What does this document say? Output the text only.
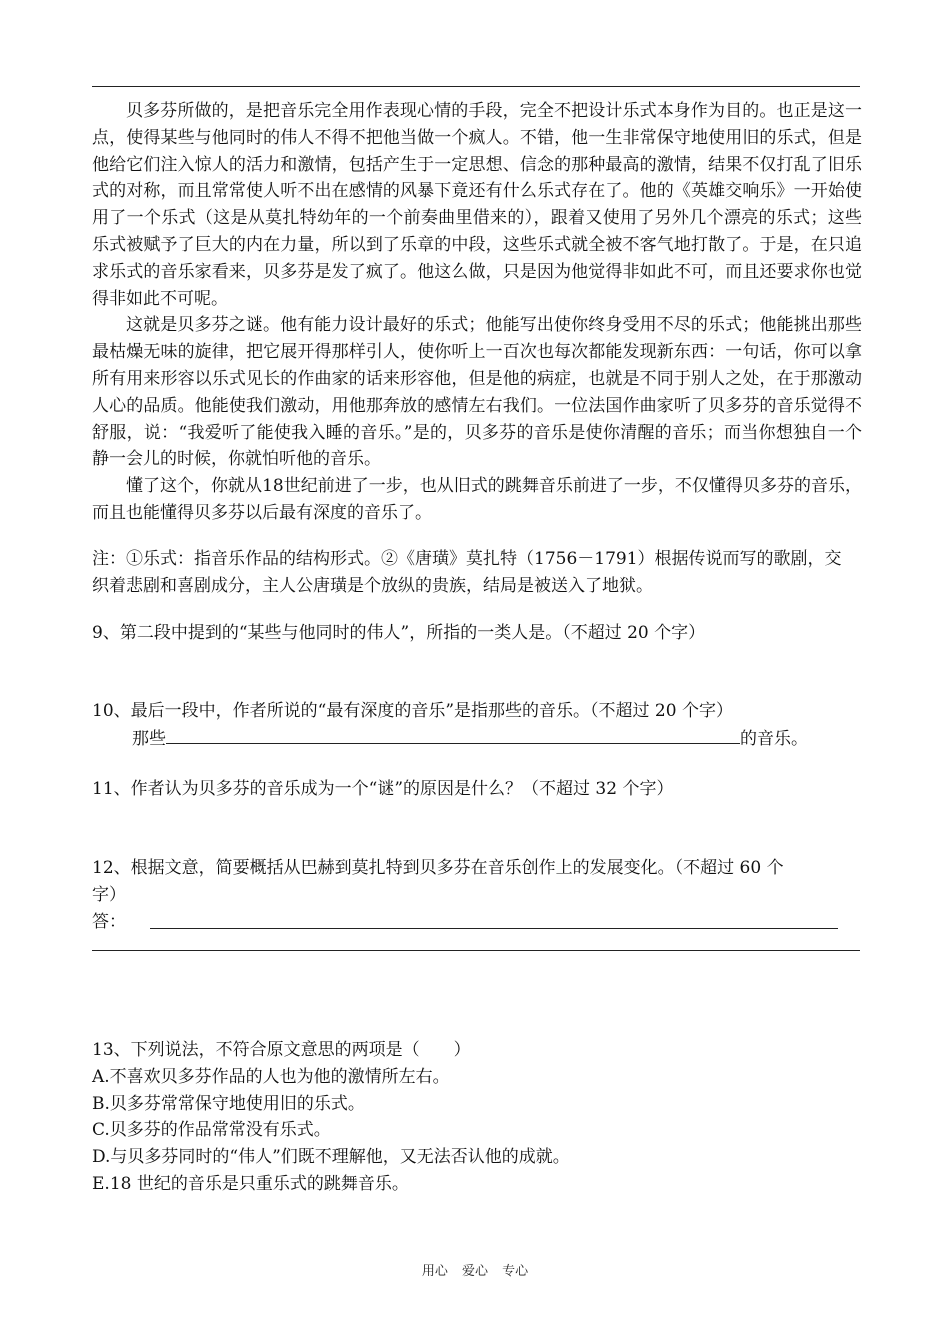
贝多芬所做的，是把音乐完全用作表现心情的手段，完全不把设计乐式本身作为目的。也正是这一点，使得某些与他同时的伟人不得不把他当做一个疯人。不错，他一生非常保守地使用旧的乐式，但是他给它们注入惊人的活力和激情，包括产生于一定思想、信念的那种最高的激情，结果不仅打乱了旧乐式的对称，而且常常使人听不出在感情的风暴下竟还有什么乐式存在了。他的《英雄交响乐》一开始使用了一个乐式（这是从莫扎特幼年的一个前奏曲里借来的），跟着又使用了另外几个漂亮的乐式；这些乐式被赋予了巨大的内在力量，所以到了乐章的中段，这些乐式就全被不客气地打散了。于是，在只追求乐式的音乐家看来，贝多芬是发了疯了。他这么做，只是因为他觉得非如此不可，而且还要求你也觉得非如此不可呢。

这就是贝多芬之谜。他有能力设计最好的乐式；他能写出使你终身受用不尽的乐式；他能挑出那些最枯燥无味的旋律，把它展开得那样引人，使你听上一百次也每次都能发现新东西：一句话，你可以拿所有用来形容以乐式见长的作曲家的话来形容他，但是他的病症，也就是不同于别人之处，在于那激动人心的品质。他能使我们激动，用他那奔放的感情左右我们。一位法国作曲家听了贝多芬的音乐觉得不舒服，说：“我爱听了能使我入睡的音乐。”是的，贝多芬的音乐是使你清醒的音乐；而当你想独自一个静一会儿的时候，你就怕听他的音乐。

懂了这个，你就从18世纪前进了一步，也从旧式的跳舞音乐前进了一步，不仅懂得贝多芬的音乐，而且也能懂得贝多芬以后最有深度的音乐了。

注：①乐式：指音乐作品的结构形式。②《唐璜》莫扎特（1756－1791）根据传说而写的歌剧，交

织着悲剧和喜剧成分，主人公唐璜是个放纵的贵族，结局是被送入了地狱。

9、第二段中提到的“某些与他同时的伟人”，所指的一类人是。（不超过 20 个字）

10、最后一段中，作者所说的“最有深度的音乐”是指那些的音乐。（不超过 20 个字）

那些	的音乐。

11、作者认为贝多芬的音乐成为一个“谜”的原因是什么？（不超过 32 个字）

12、根据文意，简要概括从巴赫到莫扎特到贝多芬在音乐创作上的发展变化。（不超过 60 个

字）

答：

13、下列说法，不符合原文意思的两项是（　　）

A.不喜欢贝多芬作品的人也为他的激情所左右。

B.贝多芬常常保守地使用旧的乐式。

C.贝多芬的作品常常没有乐式。

D.与贝多芬同时的“伟人”们既不理解他，又无法否认他的成就。

E.18 世纪的音乐是只重乐式的跳舞音乐。

用心 爱心 专心
